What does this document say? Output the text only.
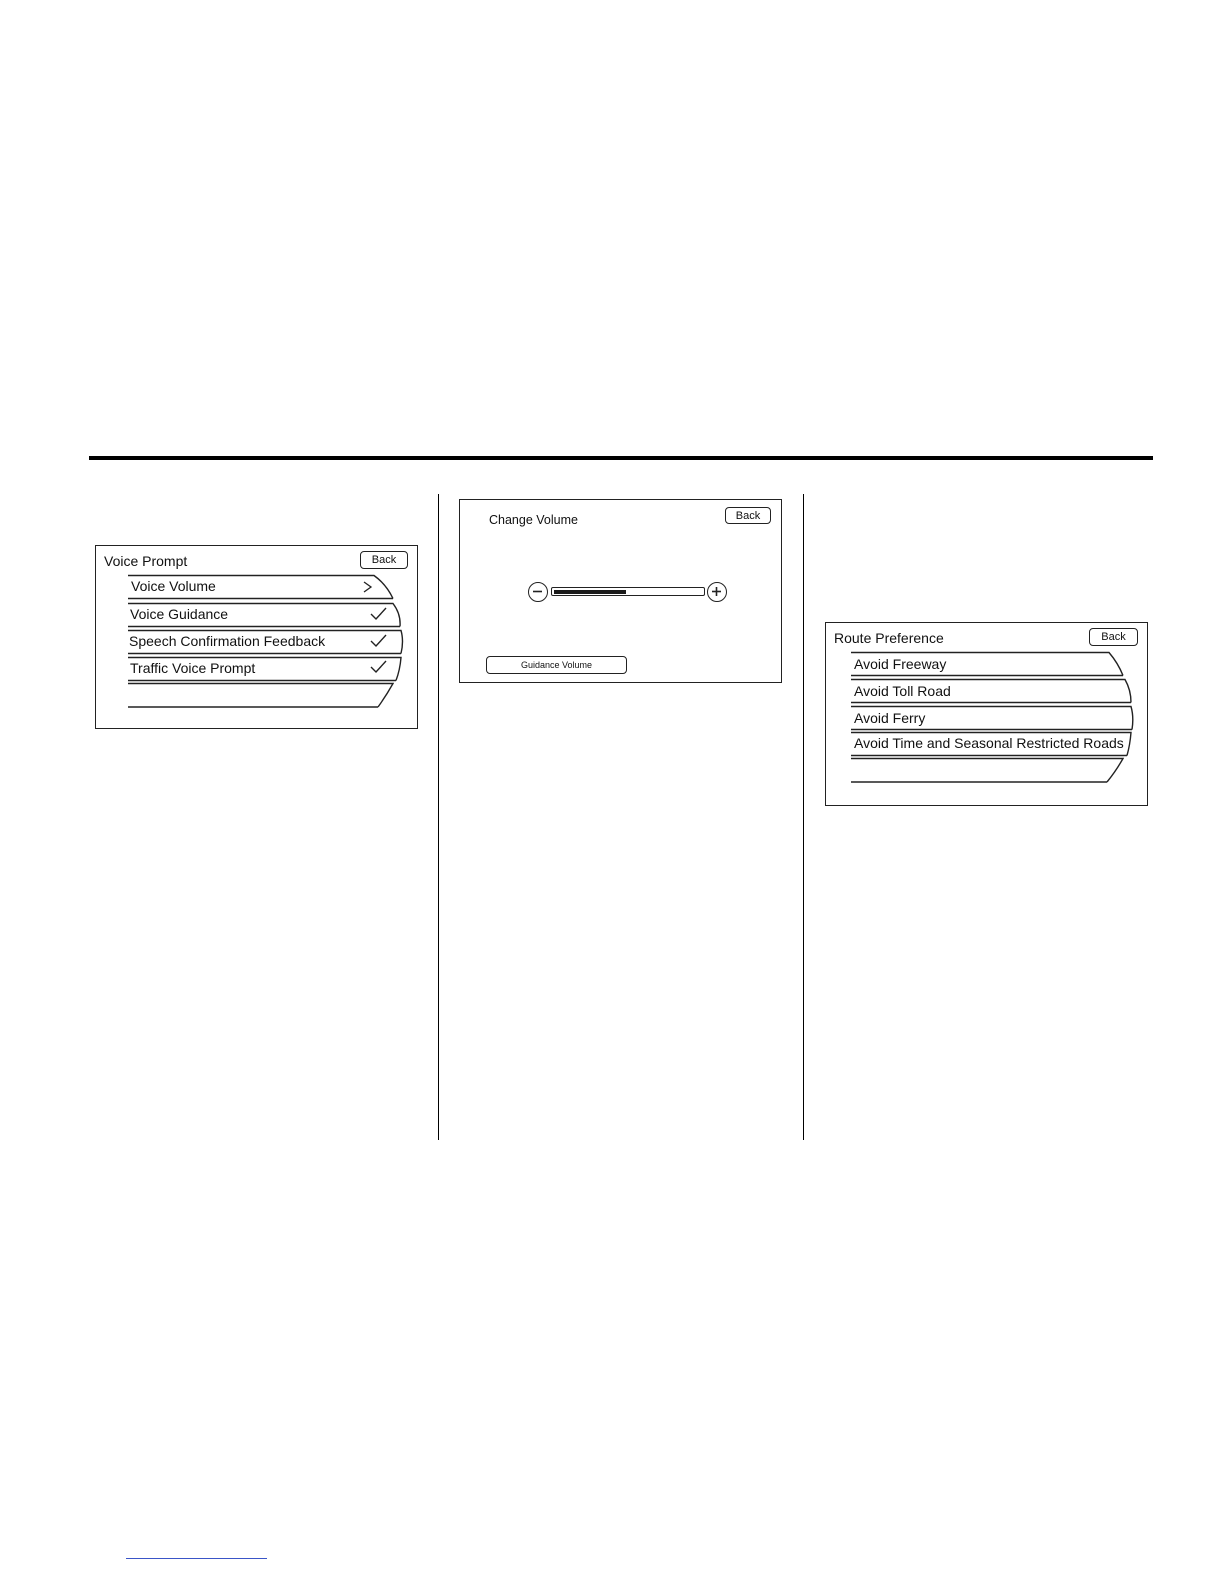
Voice Prompt	Back
Voice Volume
Voice Guidance
Speech Confirmation Feedback
Traffic Voice Prompt
Change Volume	Back
Guidance Volume
Route Preference	Back
Avoid Freeway
Avoid Toll Road
Avoid Ferry
Avoid Time and Seasonal Restricted Roads
